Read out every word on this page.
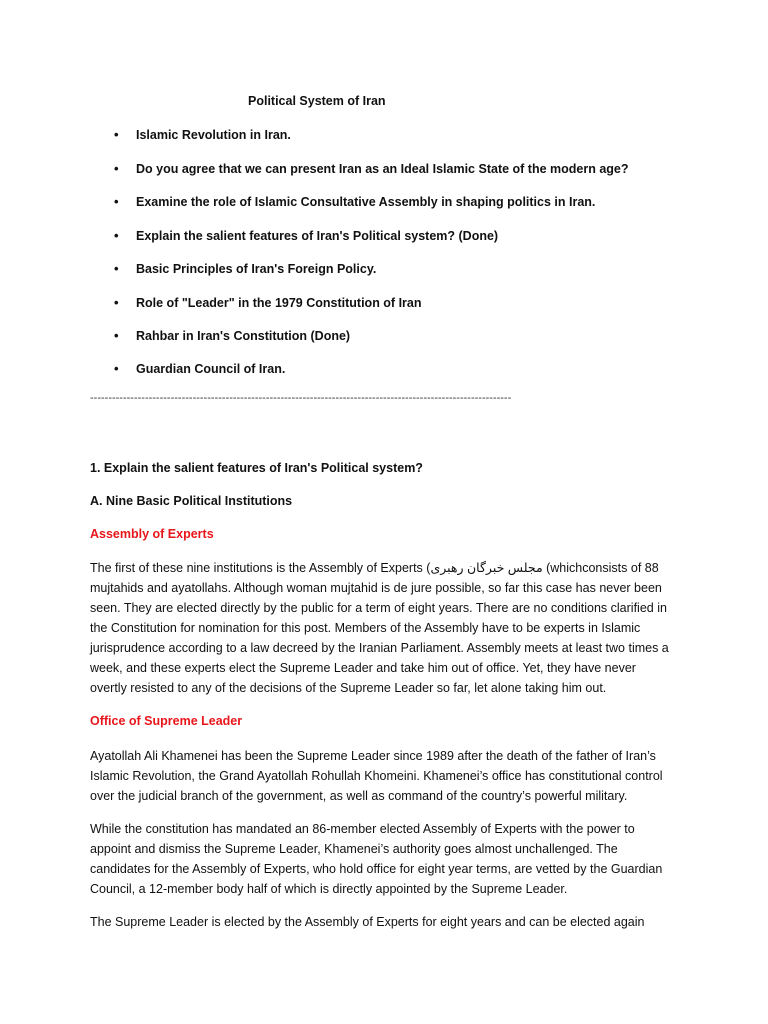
Political System of Iran
• Islamic Revolution in Iran.
• Do you agree that we can present Iran as an Ideal Islamic State of the modern age?
• Examine the role of Islamic Consultative Assembly in shaping politics in Iran.
• Explain the salient features of Iran's Political system? (Done)
• Basic Principles of Iran's Foreign Policy.
• Role of "Leader" in the 1979 Constitution of Iran
• Rahbar in Iran's Constitution (Done)
• Guardian Council of Iran.
-------------------------------------------------------------------------------------------------------------------
1. Explain the salient features of Iran's Political system?
A. Nine Basic Political Institutions
Assembly of Experts
The first of these nine institutions is the Assembly of Experts (مجلس خبرگان رهبری (whichconsists of 88
mujtahids and ayatollahs. Although woman mujtahid is de jure possible, so far this case has never been
seen. They are elected directly by the public for a term of eight years. There are no conditions clarified in
the Constitution for nomination for this post. Members of the Assembly have to be experts in Islamic
jurisprudence according to a law decreed by the Iranian Parliament. Assembly meets at least two times a
week, and these experts elect the Supreme Leader and take him out of office. Yet, they have never
overtly resisted to any of the decisions of the Supreme Leader so far, let alone taking him out.
Office of Supreme Leader
Ayatollah Ali Khamenei has been the Supreme Leader since 1989 after the death of the father of Iran’s
Islamic Revolution, the Grand Ayatollah Rohullah Khomeini. Khamenei’s office has constitutional control
over the judicial branch of the government, as well as command of the country’s powerful military.
While the constitution has mandated an 86-member elected Assembly of Experts with the power to
appoint and dismiss the Supreme Leader, Khamenei’s authority goes almost unchallenged. The
candidates for the Assembly of Experts, who hold office for eight year terms, are vetted by the Guardian
Council, a 12-member body half of which is directly appointed by the Supreme Leader.
The Supreme Leader is elected by the Assembly of Experts for eight years and can be elected again
